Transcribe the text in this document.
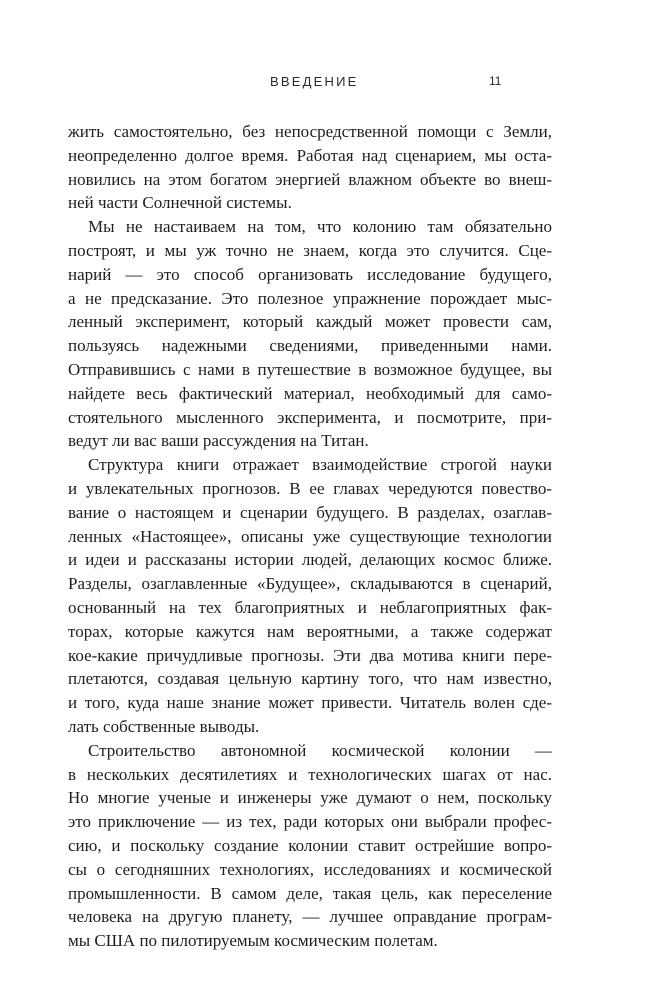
ВВЕДЕНИЕ	11
жить самостоятельно, без непосредственной помощи с Земли,
неопределенно долгое время. Работая над сценарием, мы оста-
новились на этом богатом энергией влажном объекте во внеш-
ней части Солнечной системы.
Мы не настаиваем на том, что колонию там обязательно
построят, и мы уж точно не знаем, когда это случится. Сце-
нарий — это способ организовать исследование будущего,
а не предсказание. Это полезное упражнение порождает мыс-
ленный эксперимент, который каждый может провести сам,
пользуясь надежными сведениями, приведенными нами.
Отправившись с нами в путешествие в возможное будущее, вы
найдете весь фактический материал, необходимый для само-
стоятельного мысленного эксперимента, и посмотрите, при-
ведут ли вас ваши рассуждения на Титан.
Структура книги отражает взаимодействие строгой науки
и увлекательных прогнозов. В ее главах чередуются повество-
вание о настоящем и сценарии будущего. В разделах, озаглав-
ленных «Настоящее», описаны уже существующие технологии
и идеи и рассказаны истории людей, делающих космос ближе.
Разделы, озаглавленные «Будущее», складываются в сценарий,
основанный на тех благоприятных и неблагоприятных фак-
торах, которые кажутся нам вероятными, а также содержат
кое-какие причудливые прогнозы. Эти два мотива книги пере-
плетаются, создавая цельную картину того, что нам известно,
и того, куда наше знание может привести. Читатель волен сде-
лать собственные выводы.
Строительство автономной космической колонии —
в нескольких десятилетиях и технологических шагах от нас.
Но многие ученые и инженеры уже думают о нем, поскольку
это приключение — из тех, ради которых они выбрали профес-
сию, и поскольку создание колонии ставит острейшие вопро-
сы о сегодняшних технологиях, исследованиях и космической
промышленности. В самом деле, такая цель, как переселение
человека на другую планету, — лучшее оправдание програм-
мы США по пилотируемым космическим полетам.
